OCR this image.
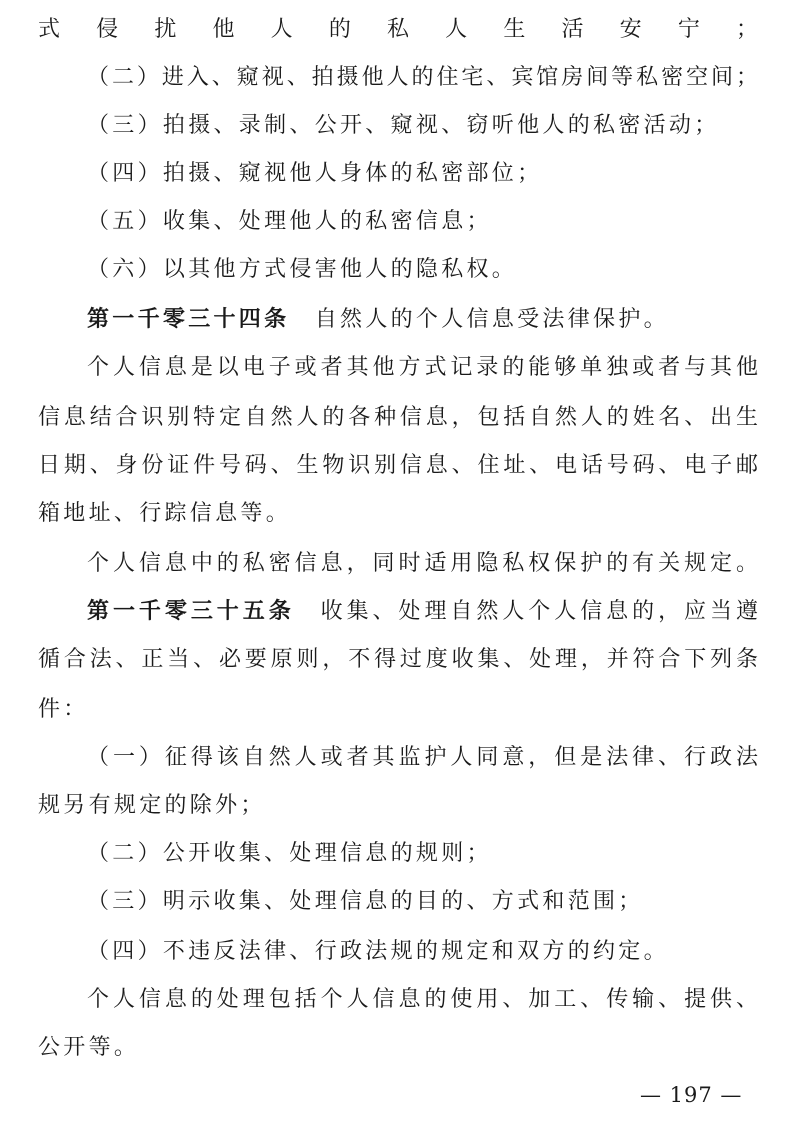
式侵扰他人的私人生活安宁；
（二）进入、窥视、拍摄他人的住宅、宾馆房间等私密空间；
（三）拍摄、录制、公开、窥视、窃听他人的私密活动；
（四）拍摄、窥视他人身体的私密部位；
（五）收集、处理他人的私密信息；
（六）以其他方式侵害他人的隐私权。
第一千零三十四条　 自然人的个人信息受法律保护。
个人信息是以电子或者其他方式记录的能够单独或者与其他
信息结合识别特定自然人的各种信息，包括自然人的姓名、出生
日期、身份证件号码、生物识别信息、住址、电话号码、电子邮
箱地址、行踪信息等。
个人信息中的私密信息，同时适用隐私权保护的有关规定。
第一千零三十五条　 收集、处理自然人个人信息的，应当遵
循合法、正当、必要原则，不得过度收集、处理，并符合下列条
件：
（一）征得该自然人或者其监护人同意，但是法律、行政法
规另有规定的除外；
（二）公开收集、处理信息的规则；
（三）明示收集、处理信息的目的、方式和范围；
（四）不违反法律、行政法规的规定和双方的约定。
个人信息的处理包括个人信息的使用、加工、传输、提供、
公开等。
— 197 —
